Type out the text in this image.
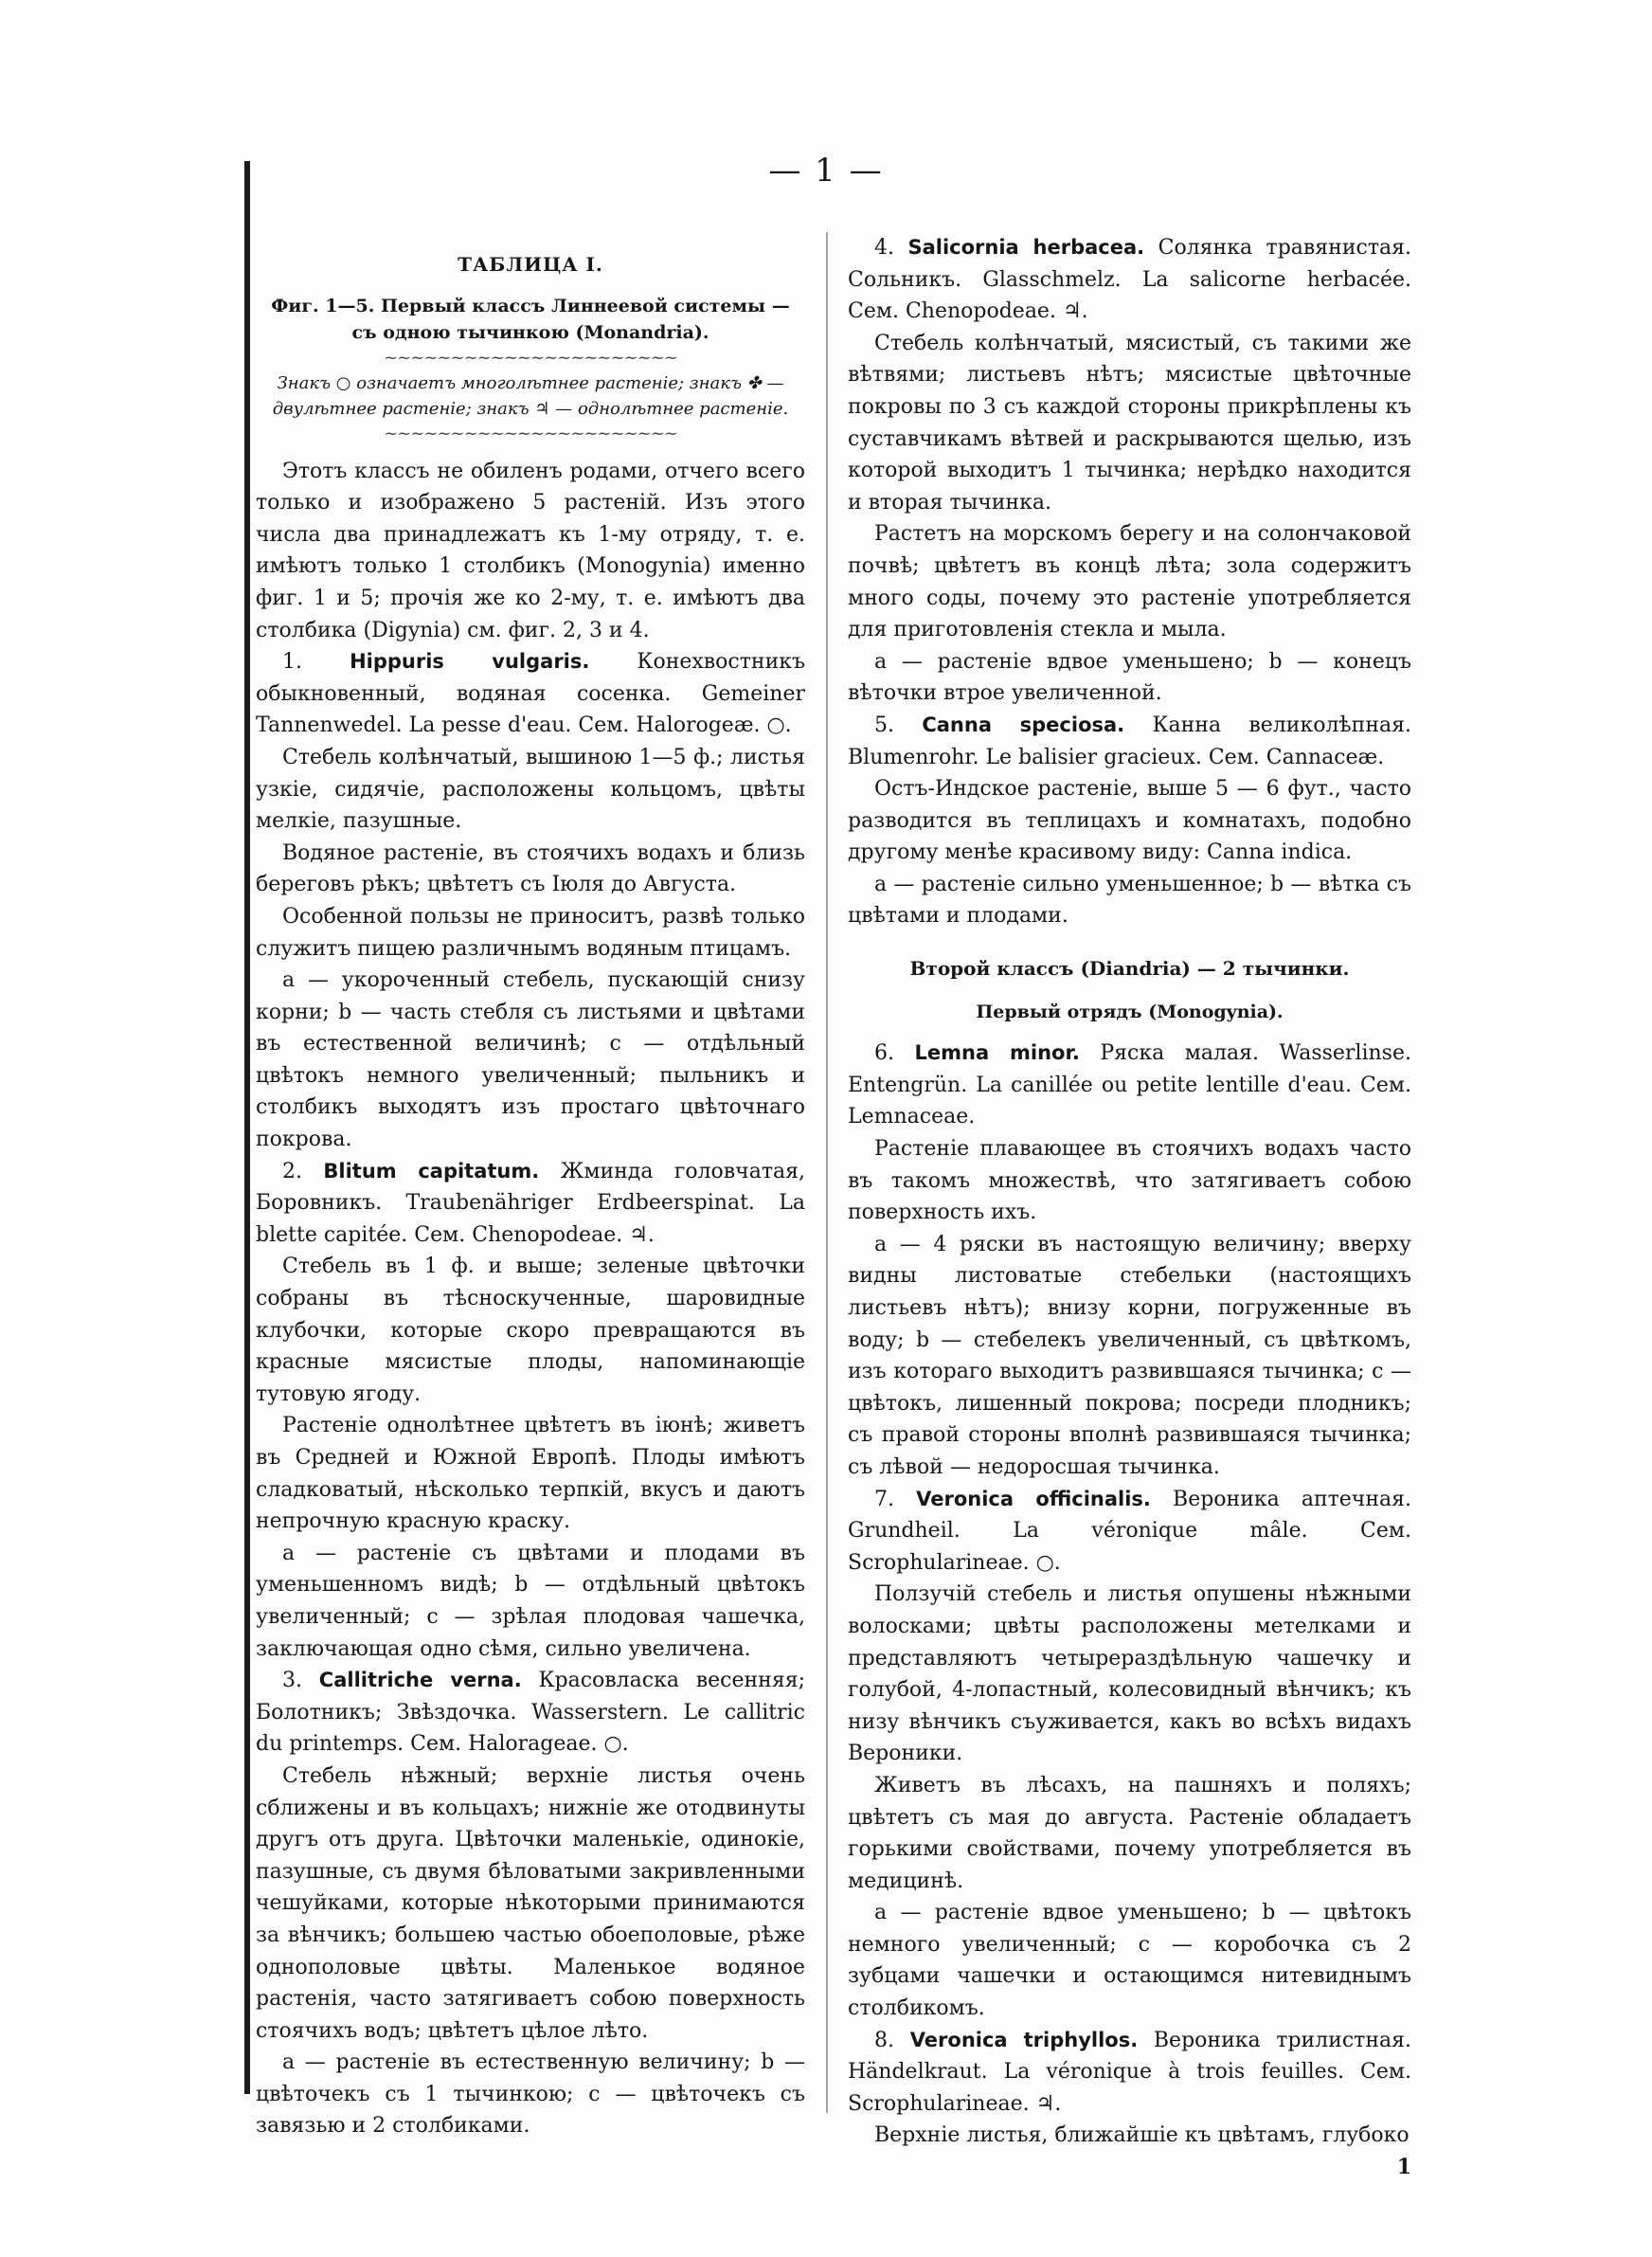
— 1 —

ТАБЛИЦА I.

Фиг. 1—5. Первый классъ Линнеевой системы — съ одною тычинкою (Monandria).

~~~~~~~~~~~~~~~~~~~~~~

Знакъ ○ означаетъ многолѣтнее растеніе; знакъ ✤ — двулѣтнее растеніе; знакъ ♃ — однолѣтнее растеніе.

~~~~~~~~~~~~~~~~~~~~~~

Этотъ классъ не обиленъ родами, отчего всего только и изображено 5 растеній. Изъ этого числа два принадлежатъ къ 1-му отряду, т. е. имѣютъ только 1 столбикъ (Monogynia) именно фиг. 1 и 5; прочія же ко 2-му, т. е. имѣютъ два столбика (Digynia) см. фиг. 2, 3 и 4.

1. Hippuris vulgaris. Конехвостникъ обыкновенный, водяная сосенка. Gemeiner Tannenwedel. La pesse d'eau. Сем. Halorogeæ. ○.

Стебель колѣнчатый, вышиною 1—5 ф.; листья узкіе, сидячіе, расположены кольцомъ, цвѣты мелкіе, пазушные.

Водяное растеніе, въ стоячихъ водахъ и близь береговъ рѣкъ; цвѣтетъ съ Іюля до Августа.

Особенной пользы не приноситъ, развѣ только служитъ пищею различнымъ водяным птицамъ.

a — укороченный стебель, пускающій снизу корни; b — часть стебля съ листьями и цвѣтами въ естественной величинѣ; c — отдѣльный цвѣтокъ немного увеличенный; пыльникъ и столбикъ выходятъ изъ простаго цвѣточнаго покрова.

2. Blitum capitatum. Жминда головчатая, Боровникъ. Traubenähriger Erdbeerspinat. La blette capitée. Сем. Chenopodeae. ♃.

Стебель въ 1 ф. и выше; зеленые цвѣточки собраны въ тѣсноскученные, шаровидные клубочки, которые скоро превращаются въ красные мясистые плоды, напоминающіе тутовую ягоду.

Растеніе однолѣтнее цвѣтетъ въ іюнѣ; живетъ въ Средней и Южной Европѣ. Плоды имѣютъ сладковатый, нѣсколько терпкій, вкусъ и даютъ непрочную красную краску.

a — растеніе съ цвѣтами и плодами въ уменьшенномъ видѣ; b — отдѣльный цвѣтокъ увеличенный; c — зрѣлая плодовая чашечка, заключающая одно сѣмя, сильно увеличена.

3. Callitriche verna. Красовласка весенняя; Болотникъ; Звѣздочка. Wasserstern. Le callitric du printemps. Сем. Halorageae. ○.

Стебель нѣжный; верхніе листья очень сближены и въ кольцахъ; нижніе же отодвинуты другъ отъ друга. Цвѣточки маленькіе, одинокіе, пазушные, съ двумя бѣловатыми закривленными чешуйками, которые нѣкоторыми принимаются за вѣнчикъ; большею частью обоеполовые, рѣже однополовые цвѣты. Маленькое водяное растенія, часто затягиваетъ собою поверхность стоячихъ водъ; цвѣтетъ цѣлое лѣто.

a — растеніе въ естественную величину; b — цвѣточекъ съ 1 тычинкою; c — цвѣточекъ съ завязью и 2 столбиками.

4. Salicornia herbacea. Солянка травянистая. Сольникъ. Glasschmelz. La salicorne herbacée. Сем. Chenopodeae. ♃.

Стебель колѣнчатый, мясистый, съ такими же вѣтвями; листьевъ нѣтъ; мясистые цвѣточные покровы по 3 съ каждой стороны прикрѣплены къ суставчикамъ вѣтвей и раскрываются щелью, изъ которой выходитъ 1 тычинка; нерѣдко находится и вторая тычинка.

Растетъ на морскомъ берегу и на солончаковой почвѣ; цвѣтетъ въ концѣ лѣта; зола содержитъ много соды, почему это растеніе употребляется для приготовленія стекла и мыла.

a — растеніе вдвое уменьшено; b — конецъ вѣточки втрое увеличенной.

5. Canna speciosa. Канна великолѣпная. Blumenrohr. Le balisier gracieux. Сем. Cannaceæ.

Остъ-Индское растеніе, выше 5 — 6 фут., часто разводится въ теплицахъ и комнатахъ, подобно другому менѣе красивому виду: Canna indica.

a — растеніе сильно уменьшенное; b — вѣтка съ цвѣтами и плодами.

Второй классъ (Diandria) — 2 тычинки.

Первый отрядъ (Monogynia).

6. Lemna minor. Ряска малая. Wasserlinse. Entengrün. La canillée ou petite lentille d'eau. Сем. Lemnaceae.

Растеніе плавающее въ стоячихъ водахъ часто въ такомъ множествѣ, что затягиваетъ собою поверхность ихъ.

a — 4 ряски въ настоящую величину; вверху видны листоватые стебельки (настоящихъ листьевъ нѣтъ); внизу корни, погруженные въ воду; b — стебелекъ увеличенный, съ цвѣткомъ, изъ котораго выходитъ развившаяся тычинка; c — цвѣтокъ, лишенный покрова; посреди плодникъ; съ правой стороны вполнѣ развившаяся тычинка; съ лѣвой — недоросшая тычинка.

7. Veronica officinalis. Вероника аптечная. Grundheil. La véronique mâle. Сем. Scrophularineae. ○.

Ползучій стебель и листья опушены нѣжными волосками; цвѣты расположены метелками и представляютъ четырераздѣльную чашечку и голубой, 4-лопастный, колесовидный вѣнчикъ; къ низу вѣнчикъ съуживается, какъ во всѣхъ видахъ Вероники.

Живетъ въ лѣсахъ, на пашняхъ и поляхъ; цвѣтетъ съ мая до августа. Растеніе обладаетъ горькими свойствами, почему употребляется въ медицинѣ.

a — растеніе вдвое уменьшено; b — цвѣтокъ немного увеличенный; c — коробочка съ 2 зубцами чашечки и остающимся нитевиднымъ столбикомъ.

8. Veronica triphyllos. Вероника трилистная. Händelkraut. La véronique à trois feuilles. Сем. Scrophularineae. ♃.

Верхніе листья, ближайшіе къ цвѣтамъ, глубоко

1
